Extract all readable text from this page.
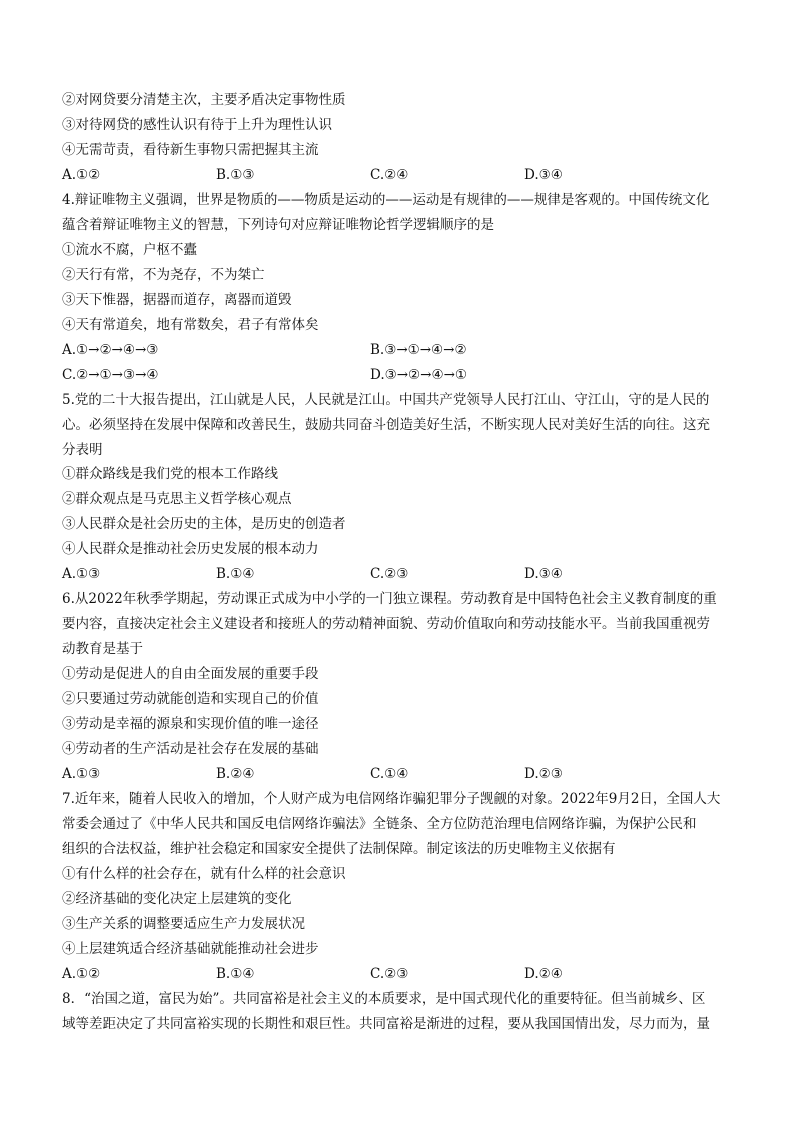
②对网贷要分清楚主次，主要矛盾决定事物性质
③对待网贷的感性认识有待于上升为理性认识
④无需苛责，看待新生事物只需把握其主流
A.①②	B.①③	C.②④	D.③④
4.辩证唯物主义强调，世界是物质的——物质是运动的——运动是有规律的——规律是客观的。中国传统文化
蕴含着辩证唯物主义的智慧，下列诗句对应辩证唯物论哲学逻辑顺序的是
①流水不腐，户枢不蠹
②天行有常，不为尧存，不为桀亡
③天下惟器，据器而道存，离器而道毁
④天有常道矣，地有常数矣，君子有常体矣
A.①→②→④→③	B.③→①→④→②
C.②→①→③→④	D.③→②→④→①
5.党的二十大报告提出，江山就是人民，人民就是江山。中国共产党领导人民打江山、守江山，守的是人民的
心。必须坚持在发展中保障和改善民生，鼓励共同奋斗创造美好生活，不断实现人民对美好生活的向往。这充
分表明
①群众路线是我们党的根本工作路线
②群众观点是马克思主义哲学核心观点
③人民群众是社会历史的主体，是历史的创造者
④人民群众是推动社会历史发展的根本动力
A.①③	B.①④	C.②③	D.③④
6.从2022年秋季学期起，劳动课正式成为中小学的一门独立课程。劳动教育是中国特色社会主义教育制度的重
要内容，直接决定社会主义建设者和接班人的劳动精神面貌、劳动价值取向和劳动技能水平。当前我国重视劳
动教育是基于
①劳动是促进人的自由全面发展的重要手段
②只要通过劳动就能创造和实现自己的价值
③劳动是幸福的源泉和实现价值的唯一途径
④劳动者的生产活动是社会存在发展的基础
A.①③	B.②④	C.①④	D.②③
7.近年来，随着人民收入的增加，个人财产成为电信网络诈骗犯罪分子觊觎的对象。2022年9月2日，全国人大
常委会通过了《中华人民共和国反电信网络诈骗法》全链条、全方位防范治理电信网络诈骗，为保护公民和
组织的合法权益，维护社会稳定和国家安全提供了法制保障。制定该法的历史唯物主义依据有
①有什么样的社会存在，就有什么样的社会意识
②经济基础的变化决定上层建筑的变化
③生产关系的调整要适应生产力发展状况
④上层建筑适合经济基础就能推动社会进步
A.①②	B.①④	C.②③	D.②④
8．“治国之道，富民为始”。共同富裕是社会主义的本质要求，是中国式现代化的重要特征。但当前城乡、区
域等差距决定了共同富裕实现的长期性和艰巨性。共同富裕是渐进的过程，要从我国国情出发，尽力而为，量
